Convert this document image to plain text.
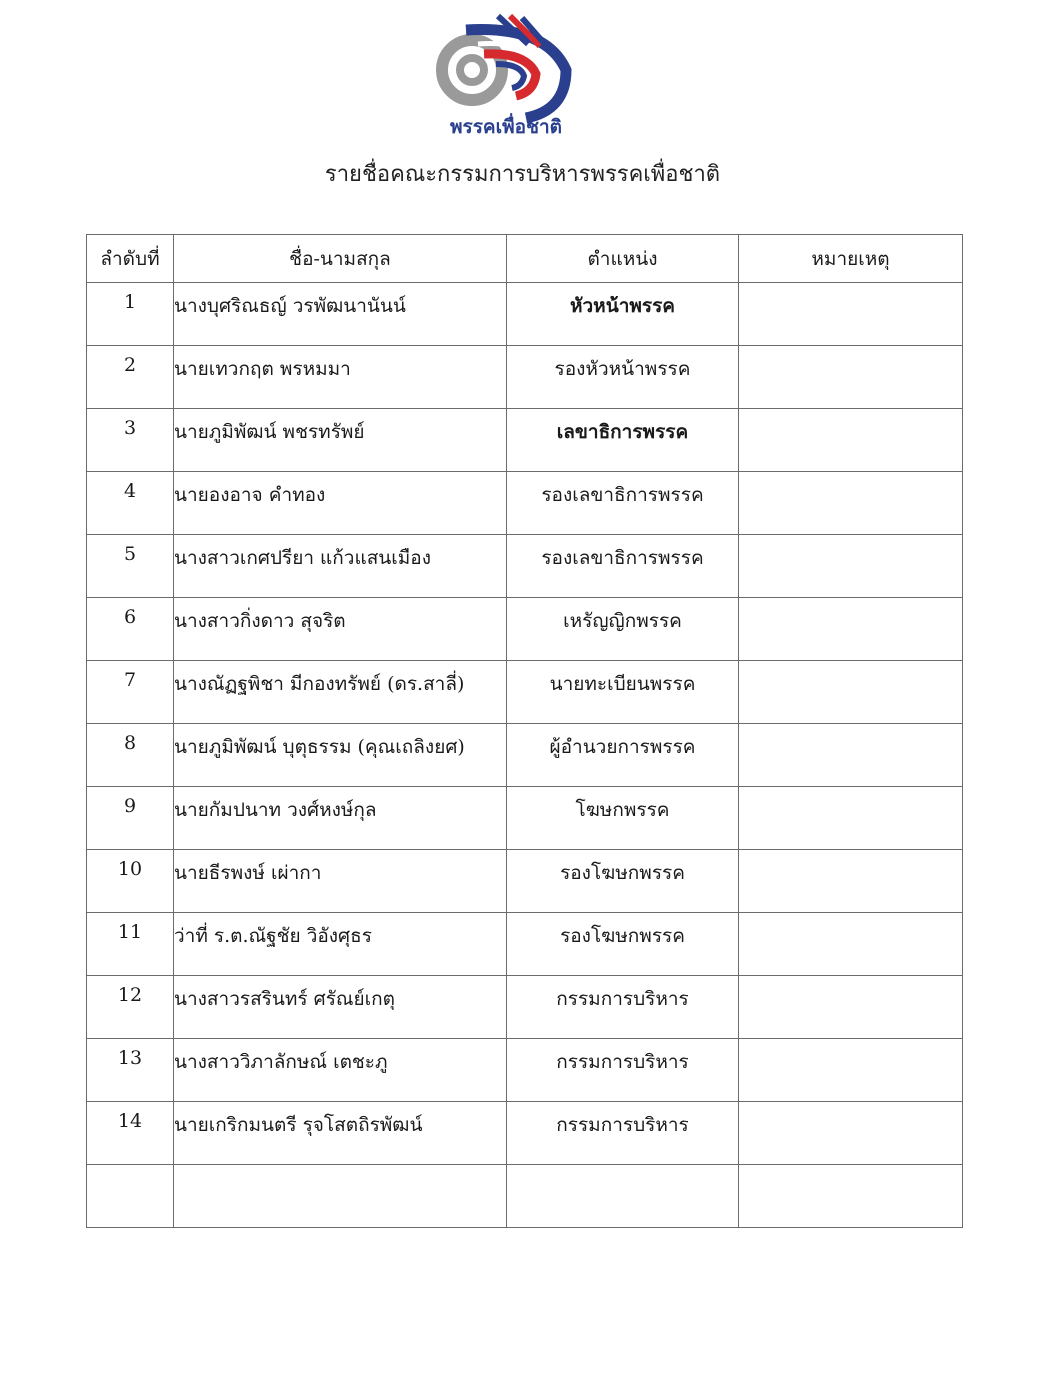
พรรคเพื่อชาติ
รายชื่อคณะกรรมการบริหารพรรคเพื่อชาติ
ลำดับที่	ชื่อ-นามสกุล	ตำแหน่ง	หมายเหตุ
1	นางบุศริณธญ์ วรพัฒนานันน์	หัวหน้าพรรค	
2	นายเทวกฤต พรหมมา	รองหัวหน้าพรรค	
3	นายภูมิพัฒน์ พชรทรัพย์	เลขาธิการพรรค	
4	นายองอาจ คำทอง	รองเลขาธิการพรรค	
5	นางสาวเกศปรียา แก้วแสนเมือง	รองเลขาธิการพรรค	
6	นางสาวกิ่งดาว สุจริต	เหรัญญิกพรรค	
7	นางณัฏฐพิชา มีกองทรัพย์ (ดร.สาลี่)	นายทะเบียนพรรค	
8	นายภูมิพัฒน์ บุตุธรรม (คุณเถลิงยศ)	ผู้อำนวยการพรรค	
9	นายกัมปนาท วงศ์หงษ์กุล	โฆษกพรรค	
10	นายธีรพงษ์ เผ่ากา	รองโฆษกพรรค	
11	ว่าที่ ร.ต.ณัฐชัย วิอังศุธร	รองโฆษกพรรค	
12	นางสาวรสรินทร์ ศรัณย์เกตุ	กรรมการบริหาร	
13	นางสาววิภาลักษณ์ เตชะภู	กรรมการบริหาร	
14	นายเกริกมนตรี รุจโสตถิรพัฒน์	กรรมการบริหาร	
